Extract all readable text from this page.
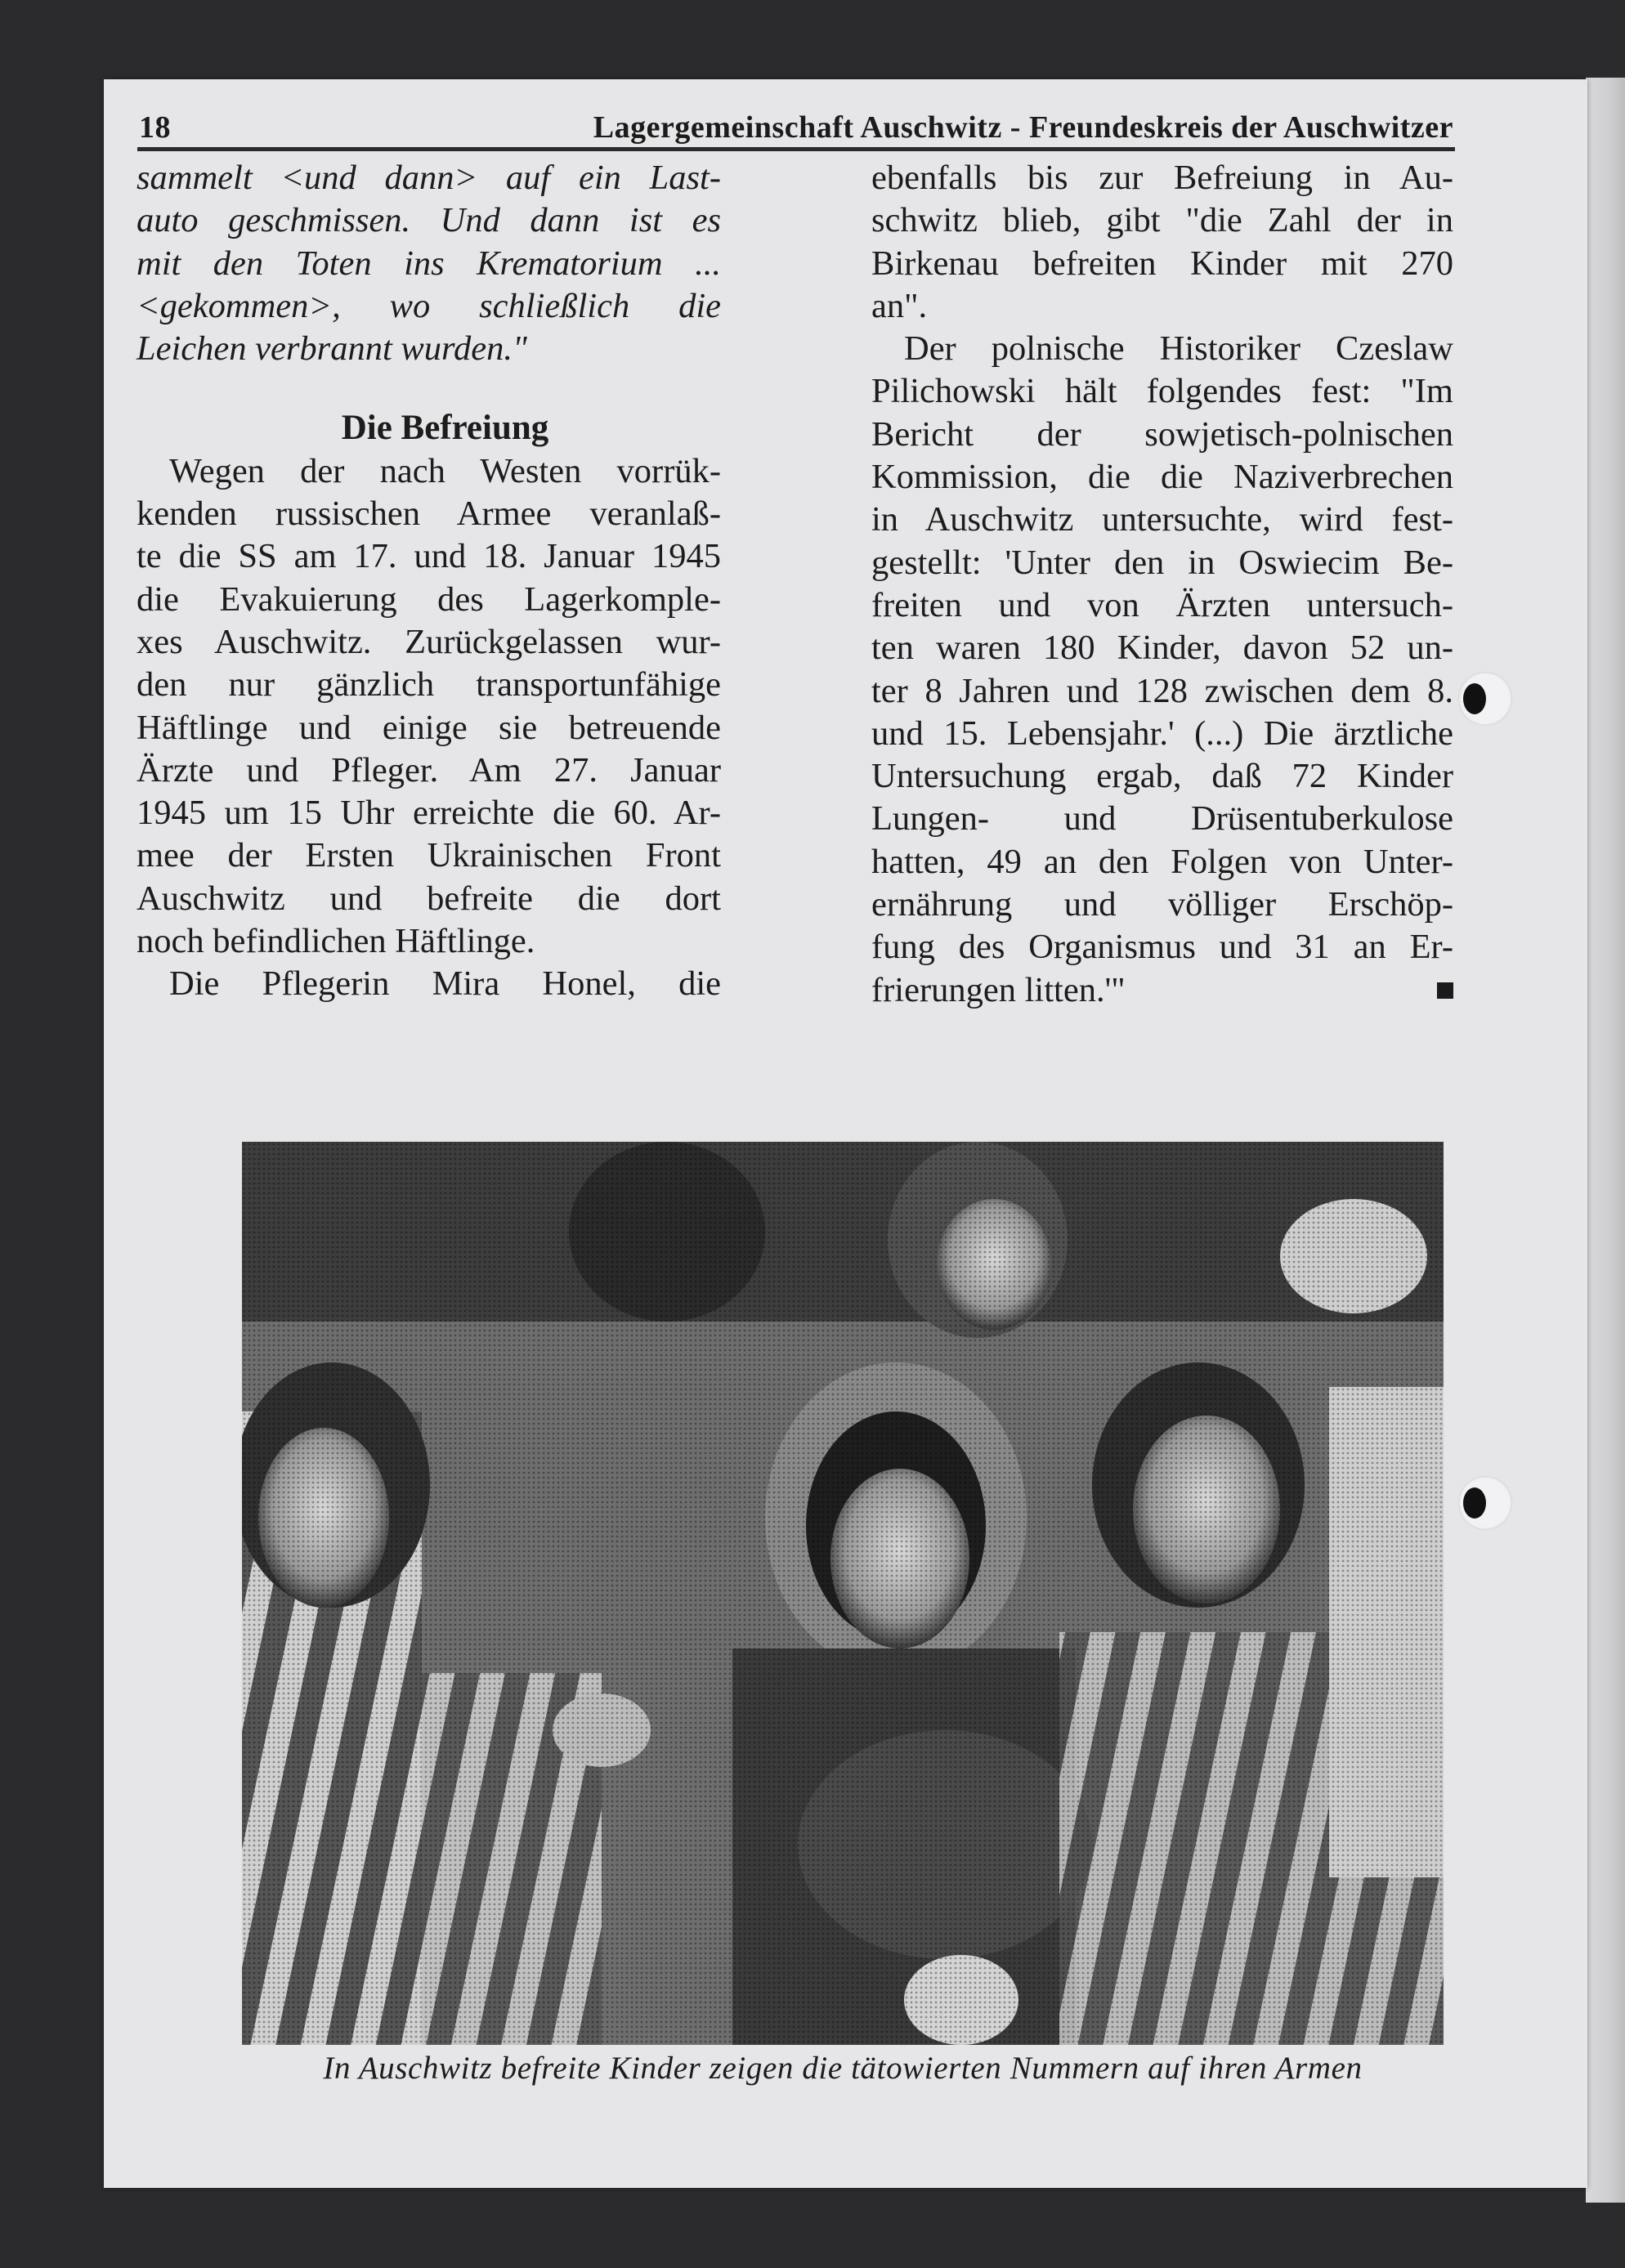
18	Lagergemeinschaft Auschwitz - Freundeskreis der Auschwitzer

sammelt <und dann> auf ein Last-

auto geschmissen. Und dann ist es

mit den Toten ins Krematorium ...

<gekommen>, wo schließlich die

Leichen verbrannt wurden."

Die Befreiung

Wegen der nach Westen vorrük-

kenden russischen Armee veranlaß-

te die SS am 17. und 18. Januar 1945

die Evakuierung des Lagerkomple-

xes Auschwitz. Zurückgelassen wur-

den nur gänzlich transportunfähige

Häftlinge und einige sie betreuende

Ärzte und Pfleger. Am 27. Januar

1945 um 15 Uhr erreichte die 60. Ar-

mee der Ersten Ukrainischen Front

Auschwitz und befreite die dort

noch befindlichen Häftlinge.

Die Pflegerin Mira Honel, die

ebenfalls bis zur Befreiung in Au-

schwitz blieb, gibt "die Zahl der in

Birkenau befreiten Kinder mit 270

an".

Der polnische Historiker Czeslaw

Pilichowski hält folgendes fest: "Im

Bericht der sowjetisch-polnischen

Kommission, die die Naziverbrechen

in Auschwitz untersuchte, wird fest-

gestellt: 'Unter den in Oswiecim Be-

freiten und von Ärzten untersuch-

ten waren 180 Kinder, davon 52 un-

ter 8 Jahren und 128 zwischen dem 8.

und 15. Lebensjahr.' (...) Die ärztliche

Untersuchung ergab, daß 72 Kinder

Lungen- und Drüsentuberkulose

hatten, 49 an den Folgen von Unter-

ernährung und völliger Erschöp-

fung des Organismus und 31 an Er-

frierungen litten.'"

In Auschwitz befreite Kinder zeigen die tätowierten Nummern auf ihren Armen
